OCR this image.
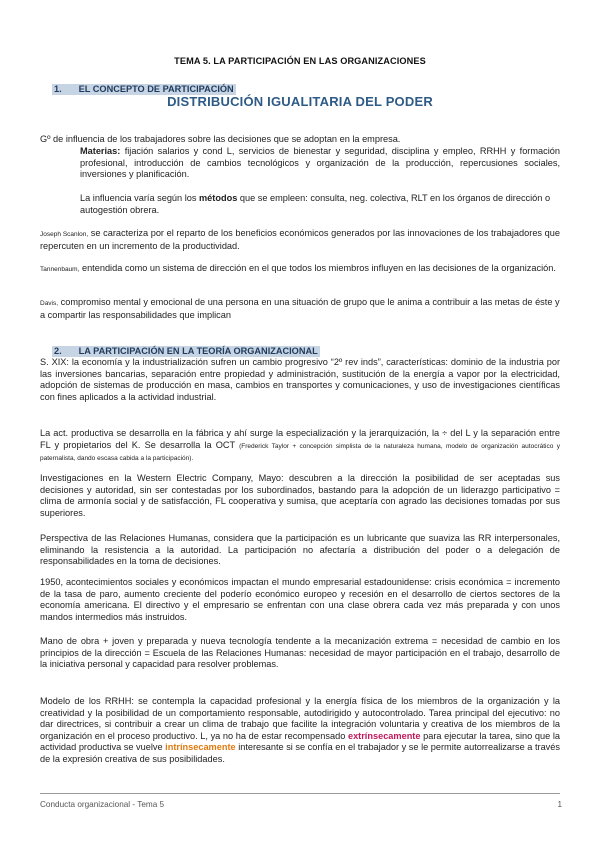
TEMA 5. LA PARTICIPACIÓN EN LAS ORGANIZACIONES
1. EL CONCEPTO DE PARTICIPACIÓN
DISTRIBUCIÓN IGUALITARIA DEL PODER
Gº de influencia de los trabajadores sobre las decisiones que se adoptan en la empresa.
Materias: fijación salarios y cond L, servicios de bienestar y seguridad, disciplina y empleo, RRHH y formación profesional, introducción de cambios tecnológicos y organización de la producción, repercusiones sociales, inversiones y planificación.
La influencia varía según los métodos que se empleen: consulta, neg. colectiva, RLT en los órganos de dirección o autogestión obrera.
Joseph Scanlon, se caracteriza por el reparto de los beneficios económicos generados por las innovaciones de los trabajadores que repercuten en un incremento de la productividad.
Tannenbaum, entendida como un sistema de dirección en el que todos los miembros influyen en las decisiones de la organización.
Davis, compromiso mental y emocional de una persona en una situación de grupo que le anima a contribuir a las metas de éste y a compartir las responsabilidades que implican
2. LA PARTICIPACIÓN EN LA TEORÍA ORGANIZACIONAL
S. XIX: la economía y la industrialización sufren un cambio progresivo “2º rev inds”, características: dominio de la industria por las inversiones bancarias, separación entre propiedad y administración, sustitución de la energía a vapor por la electricidad, adopción de sistemas de producción en masa, cambios en transportes y comunicaciones, y uso de investigaciones científicas con fines aplicados a la actividad industrial.
La act. productiva se desarrolla en la fábrica y ahí surge la especialización y la jerarquización, la ÷ del L y la separación entre FL y propietarios del K. Se desarrolla la OCT (Frederick Taylor + concepción simplista de la naturaleza humana, modelo de organización autocrático y paternalista, dando escasa cabida a la participación).
Investigaciones en la Western Electric Company, Mayo: descubren a la dirección la posibilidad de ser aceptadas sus decisiones y autoridad, sin ser contestadas por los subordinados, bastando para la adopción de un liderazgo participativo = clima de armonía social y de satisfacción, FL cooperativa y sumisa, que aceptaría con agrado las decisiones tomadas por sus superiores.
Perspectiva de las Relaciones Humanas, considera que la participación es un lubricante que suaviza las RR interpersonales, eliminando la resistencia a la autoridad. La participación no afectaría a distribución del poder o a delegación de responsabilidades en la toma de decisiones.
1950, acontecimientos sociales y económicos impactan el mundo empresarial estadounidense: crisis económica = incremento de la tasa de paro, aumento creciente del poderío económico europeo y recesión en el desarrollo de ciertos sectores de la economía americana. El directivo y el empresario se enfrentan con una clase obrera cada vez más preparada y con unos mandos intermedios más instruidos.
Mano de obra + joven y preparada y nueva tecnología tendente a la mecanización extrema = necesidad de cambio en los principios de la dirección = Escuela de las Relaciones Humanas: necesidad de mayor participación en el trabajo, desarrollo de la iniciativa personal y capacidad para resolver problemas.
Modelo de los RRHH: se contempla la capacidad profesional y la energía física de los miembros de la organización y la creatividad y la posibilidad de un comportamiento responsable, autodirigido y autocontrolado. Tarea principal del ejecutivo: no dar directrices, si contribuir a crear un clima de trabajo que facilite la integración voluntaria y creativa de los miembros de la organización en el proceso productivo. L, ya no ha de estar recompensado extrínsecamente para ejecutar la tarea, sino que la actividad productiva se vuelve intrínsecamente interesante si se confía en el trabajador y se le permite autorrealizarse a través de la expresión creativa de sus posibilidades.
Conducta organizacional - Tema 5	1
